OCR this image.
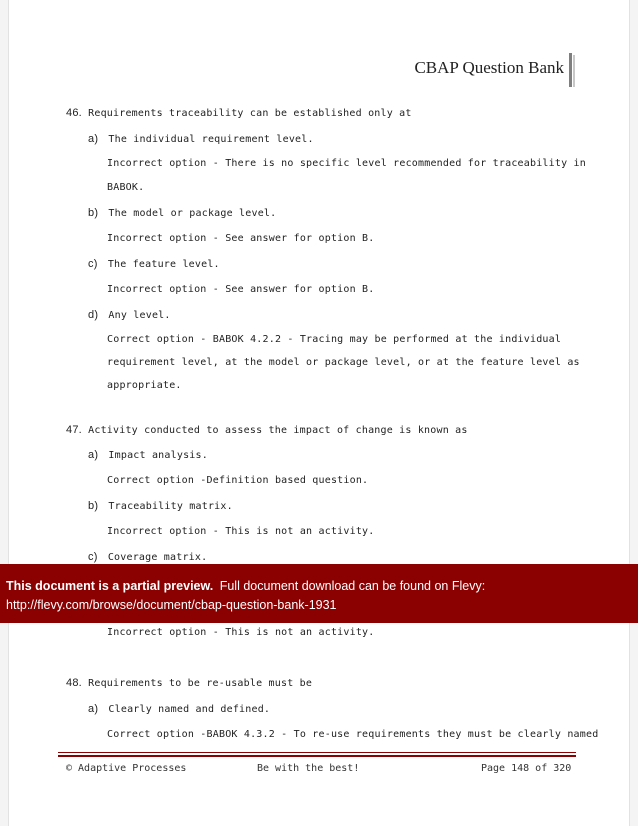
CBAP Question Bank
46. Requirements traceability can be established only at
a) The individual requirement level.
Incorrect option - There is no specific level recommended for traceability in
BABOK.
b) The model or package level.
Incorrect option - See answer for option B.
c) The feature level.
Incorrect option - See answer for option B.
d) Any level.
Correct option - BABOK 4.2.2 - Tracing may be performed at the individual
requirement level, at the model or package level, or at the feature level as
appropriate.
47. Activity conducted to assess the impact of change is known as
a) Impact analysis.
Correct option -Definition based question.
b) Traceability matrix.
Incorrect option - This is not an activity.
c) Coverage matrix.
Incorrect option - This is not an activity.
48. Requirements to be re-usable must be
a) Clearly named and defined.
Correct option -BABOK 4.3.2 - To re-use requirements they must be clearly named
This document is a partial preview. Full document download can be found on Flevy:
http://flevy.com/browse/document/cbap-question-bank-1931
© Adaptive Processes	Be with the best!	Page 148 of 320
